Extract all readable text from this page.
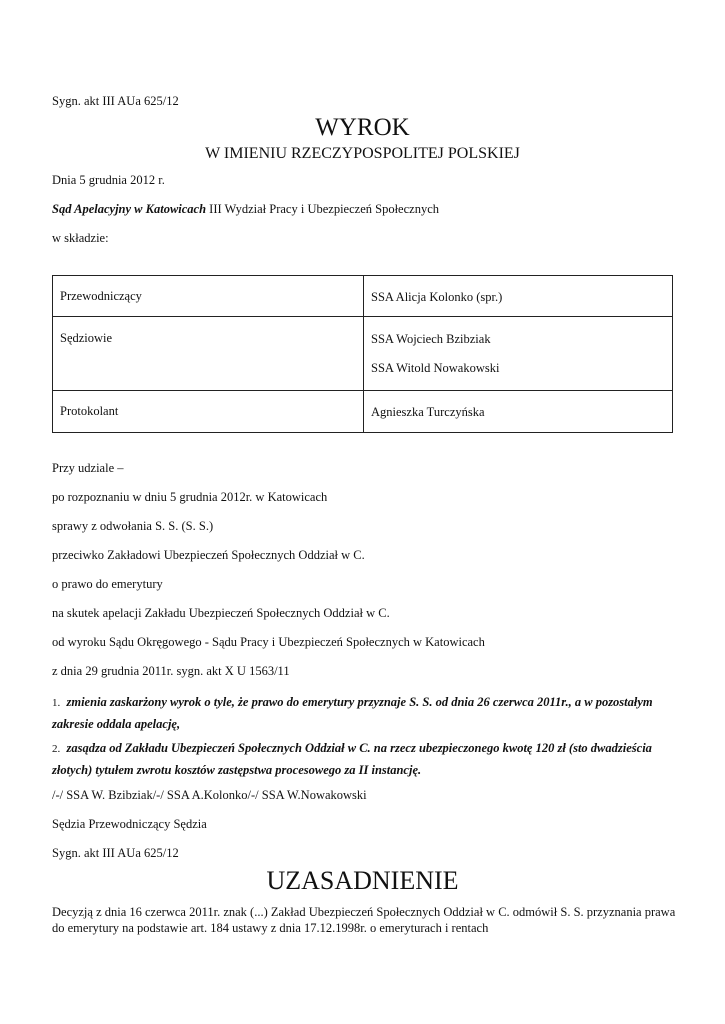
Sygn. akt III AUa 625/12
WYROK
W IMIENIU RZECZYPOSPOLITEJ POLSKIEJ
Dnia 5 grudnia 2012 r.
Sąd Apelacyjny w Katowicach III Wydział Pracy i Ubezpieczeń Społecznych
w składzie:
Przewodniczący	SSA Alicja Kolonko (spr.)

Sędziowie	SSA Wojciech Bzibziak

SSA Witold Nowakowski

Protokolant	Agnieszka Turczyńska

Przy udziale –
po rozpoznaniu w dniu 5 grudnia 2012r. w Katowicach
sprawy z odwołania S. S. (S. S.)
przeciwko Zakładowi Ubezpieczeń Społecznych Oddział w C.
o prawo do emerytury
na skutek apelacji Zakładu Ubezpieczeń Społecznych Oddział w C.
od wyroku Sądu Okręgowego - Sądu Pracy i Ubezpieczeń Społecznych w Katowicach
z dnia 29 grudnia 2011r. sygn. akt X U 1563/11
1. zmienia zaskarżony wyrok o tyle, że prawo do emerytury przyznaje S. S. od dnia 26 czerwca 2011r., a w pozostałym zakresie oddala apelację,
2. zasądza od Zakładu Ubezpieczeń Społecznych Oddział w C. na rzecz ubezpieczonego kwotę 120 zł (sto dwadzieścia złotych) tytułem zwrotu kosztów zastępstwa procesowego za II instancję.
/-/ SSA W. Bzibziak/-/ SSA A.Kolonko/-/ SSA W.Nowakowski
Sędzia Przewodniczący Sędzia
Sygn. akt III AUa 625/12
UZASADNIENIE
Decyzją z dnia 16 czerwca 2011r. znak (...) Zakład Ubezpieczeń Społecznych Oddział w C. odmówił S. S. przyznania prawa do emerytury na podstawie art. 184 ustawy z dnia 17.12.1998r. o emeryturach i rentach
